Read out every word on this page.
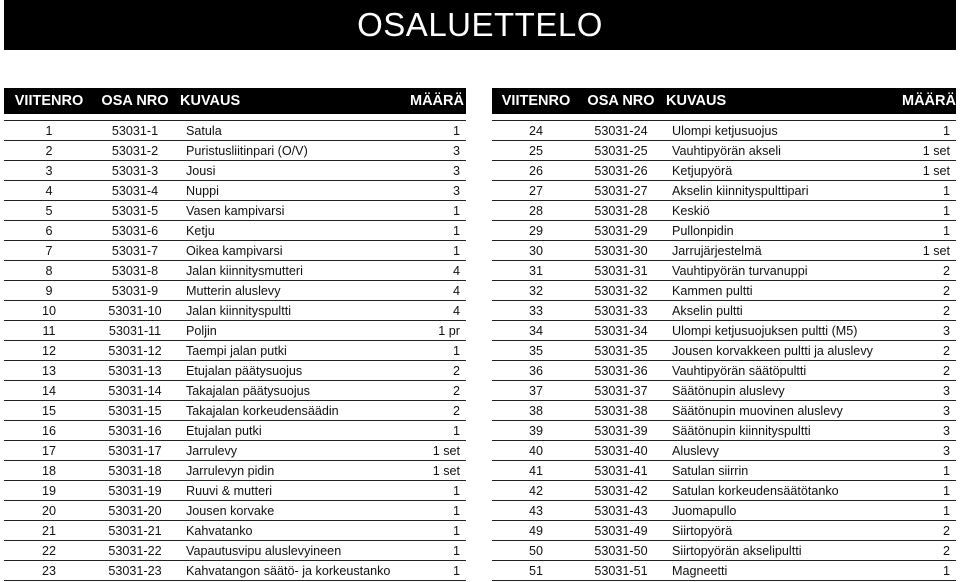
OSALUETTELO
VIITENRO	OSA NRO	KUVAUS	MÄÄRÄ

1	53031-1	Satula	1
2	53031-2	Puristusliitinpari (O/V)	3
3	53031-3	Jousi	3
4	53031-4	Nuppi	3
5	53031-5	Vasen kampivarsi	1
6	53031-6	Ketju	1
7	53031-7	Oikea kampivarsi	1
8	53031-8	Jalan kiinnitysmutteri	4
9	53031-9	Mutterin aluslevy	4
10	53031-10	Jalan kiinnityspultti	4
11	53031-11	Poljin	1 pr
12	53031-12	Taempi jalan putki	1
13	53031-13	Etujalan päätysuojus	2
14	53031-14	Takajalan päätysuojus	2
15	53031-15	Takajalan korkeudensäädin	2
16	53031-16	Etujalan putki	1
17	53031-17	Jarrulevy	1 set
18	53031-18	Jarrulevyn pidin	1 set
19	53031-19	Ruuvi & mutteri	1
20	53031-20	Jousen korvake	1
21	53031-21	Kahvatanko	1
22	53031-22	Vapautusvipu aluslevyineen	1
23	53031-23	Kahvatangon säätö- ja korkeustanko	1
VIITENRO	OSA NRO	KUVAUS	MÄÄRÄ

24	53031-24	Ulompi ketjusuojus	1
25	53031-25	Vauhtipyörän akseli	1 set
26	53031-26	Ketjupyörä	1 set
27	53031-27	Akselin kiinnityspulttipari	1
28	53031-28	Keskiö	1
29	53031-29	Pullonpidin	1
30	53031-30	Jarrujärjestelmä	1 set
31	53031-31	Vauhtipyörän turvanuppi	2
32	53031-32	Kammen pultti	2
33	53031-33	Akselin pultti	2
34	53031-34	Ulompi ketjusuojuksen pultti (M5)	3
35	53031-35	Jousen korvakkeen pultti ja aluslevy	2
36	53031-36	Vauhtipyörän säätöpultti	2
37	53031-37	Säätönupin aluslevy	3
38	53031-38	Säätönupin muovinen aluslevy	3
39	53031-39	Säätönupin kiinnityspultti	3
40	53031-40	Aluslevy	3
41	53031-41	Satulan siirrin	1
42	53031-42	Satulan korkeudensäätötanko	1
43	53031-43	Juomapullo	1
49	53031-49	Siirtopyörä	2
50	53031-50	Siirtopyörän akselipultti	2
51	53031-51	Magneetti	1
